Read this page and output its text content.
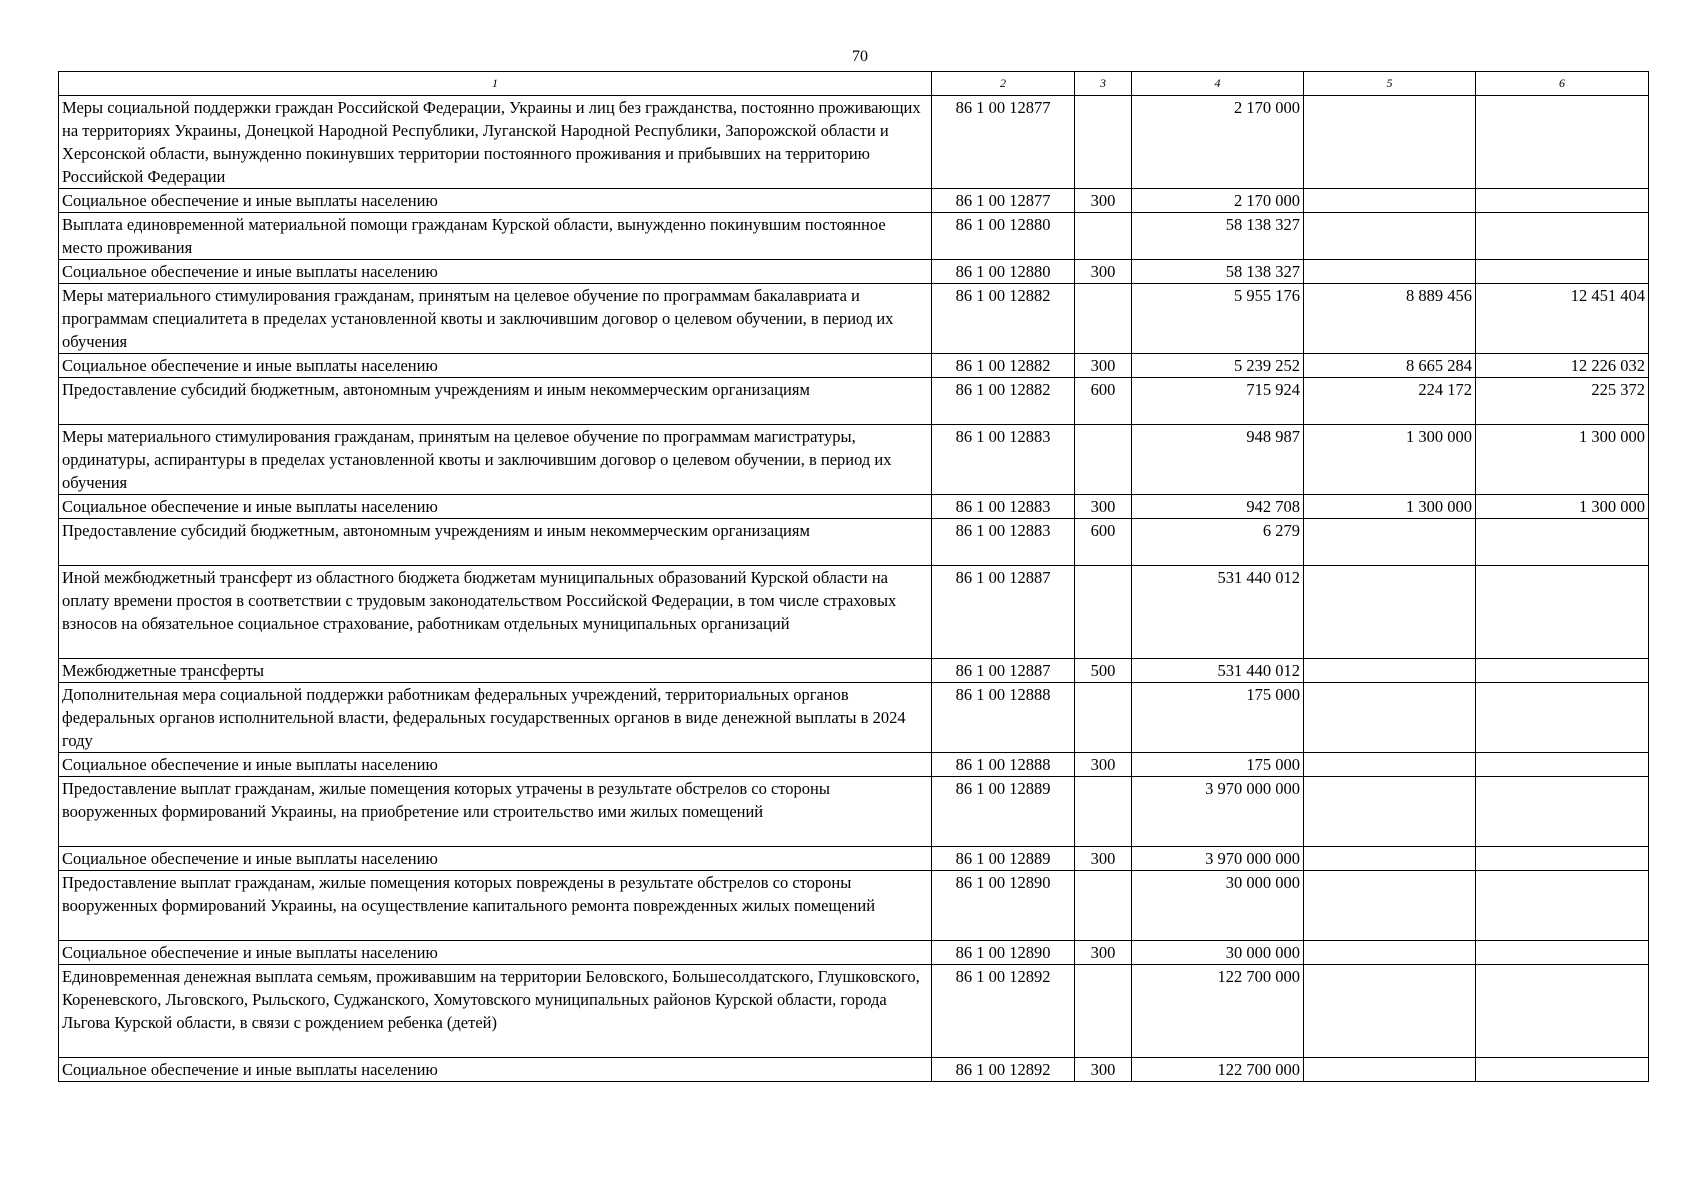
70
1	2	3	4	5	6
Меры социальной поддержки граждан Российской Федерации, Украины и лиц без гражданства, постоянно проживающих на территориях Украины, Донецкой Народной Республики, Луганской Народной Республики, Запорожской области и Херсонской области, вынужденно покинувших территории постоянного проживания и прибывших на территорию Российской Федерации	86 1 00 12877		2 170 000		
Социальное обеспечение и иные выплаты населению	86 1 00 12877	300	2 170 000		
Выплата единовременной материальной помощи гражданам Курской области, вынужденно покинувшим постоянное место проживания	86 1 00 12880		58 138 327		
Социальное обеспечение и иные выплаты населению	86 1 00 12880	300	58 138 327		
Меры материального стимулирования гражданам, принятым на целевое обучение по программам бакалавриата и программам специалитета в пределах установленной квоты и заключившим договор о целевом обучении, в период их обучения	86 1 00 12882		5 955 176	8 889 456	12 451 404
Социальное обеспечение и иные выплаты населению	86 1 00 12882	300	5 239 252	8 665 284	12 226 032
Предоставление субсидий бюджетным, автономным учреждениям и иным некоммерческим организациям	86 1 00 12882	600	715 924	224 172	225 372
Меры материального стимулирования гражданам, принятым на целевое обучение по программам магистратуры, ординатуры, аспирантуры в пределах установленной квоты и заключившим договор о целевом обучении, в период их обучения	86 1 00 12883		948 987	1 300 000	1 300 000
Социальное обеспечение и иные выплаты населению	86 1 00 12883	300	942 708	1 300 000	1 300 000
Предоставление субсидий бюджетным, автономным учреждениям и иным некоммерческим организациям	86 1 00 12883	600	6 279		
Иной межбюджетный трансферт из областного бюджета бюджетам муниципальных образований Курской области на оплату времени простоя в соответствии с трудовым законодательством Российской Федерации, в том числе страховых взносов на обязательное социальное страхование, работникам отдельных муниципальных организаций	86 1 00 12887		531 440 012		
Межбюджетные трансферты	86 1 00 12887	500	531 440 012		
Дополнительная мера социальной поддержки работникам федеральных учреждений, территориальных органов федеральных органов исполнительной власти, федеральных государственных органов в виде денежной выплаты в 2024 году	86 1 00 12888		175 000		
Социальное обеспечение и иные выплаты населению	86 1 00 12888	300	175 000		
Предоставление выплат гражданам, жилые помещения которых утрачены в результате обстрелов со стороны вооруженных формирований Украины, на приобретение или строительство ими жилых помещений	86 1 00 12889		3 970 000 000		
Социальное обеспечение и иные выплаты населению	86 1 00 12889	300	3 970 000 000		
Предоставление выплат гражданам, жилые помещения которых повреждены в результате обстрелов со стороны вооруженных формирований Украины, на осуществление капитального ремонта поврежденных жилых помещений	86 1 00 12890		30 000 000		
Социальное обеспечение и иные выплаты населению	86 1 00 12890	300	30 000 000		
Единовременная денежная выплата семьям, проживавшим на территории Беловского, Большесолдатского, Глушковского, Кореневского, Льговского, Рыльского, Суджанского, Хомутовского муниципальных районов Курской области, города Льгова Курской области, в связи с рождением ребенка (детей)	86 1 00 12892		122 700 000		
Социальное обеспечение и иные выплаты населению	86 1 00 12892	300	122 700 000		
